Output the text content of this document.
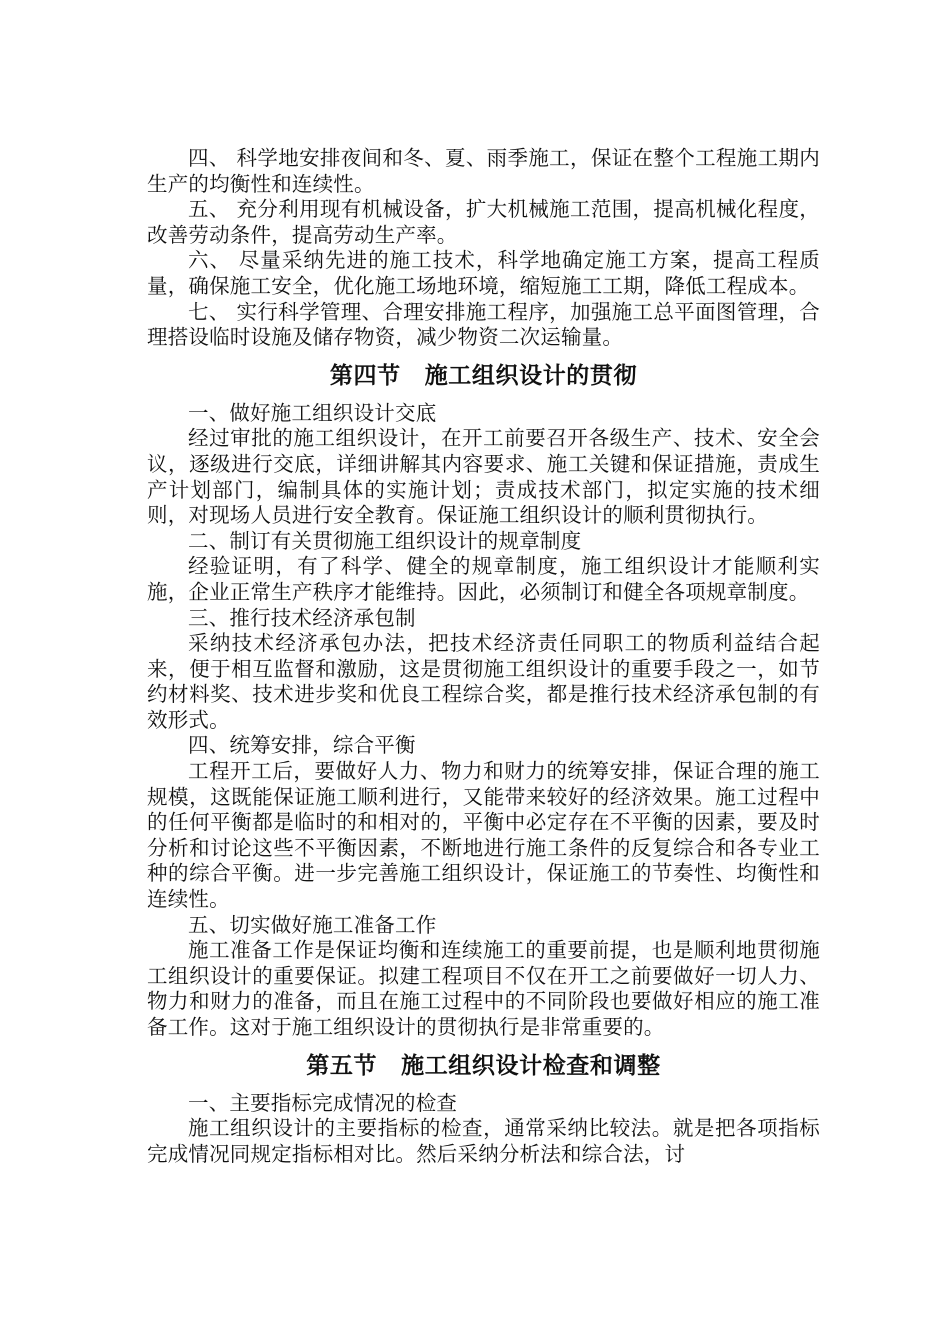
四、 科学地安排夜间和冬、夏、雨季施工，保证在整个工程施工期内生产的均衡性和连续性。

五、 充分利用现有机械设备，扩大机械施工范围，提高机械化程度，改善劳动条件，提高劳动生产率。

六、 尽量采纳先进的施工技术，科学地确定施工方案，提高工程质量，确保施工安全，优化施工场地环境，缩短施工工期，降低工程成本。

七、 实行科学管理、合理安排施工程序，加强施工总平面图管理，合理搭设临时设施及储存物资，减少物资二次运输量。

第四节 施工组织设计的贯彻

一、做好施工组织设计交底

经过审批的施工组织设计，在开工前要召开各级生产、技术、安全会议，逐级进行交底，详细讲解其内容要求、施工关键和保证措施，责成生产计划部门，编制具体的实施计划；责成技术部门，拟定实施的技术细则，对现场人员进行安全教育。保证施工组织设计的顺利贯彻执行。

二、制订有关贯彻施工组织设计的规章制度

经验证明，有了科学、健全的规章制度，施工组织设计才能顺利实施，企业正常生产秩序才能维持。因此，必须制订和健全各项规章制度。

三、推行技术经济承包制

采纳技术经济承包办法，把技术经济责任同职工的物质利益结合起来，便于相互监督和激励，这是贯彻施工组织设计的重要手段之一，如节约材料奖、技术进步奖和优良工程综合奖，都是推行技术经济承包制的有效形式。

四、统筹安排，综合平衡

工程开工后，要做好人力、物力和财力的统筹安排，保证合理的施工规模，这既能保证施工顺利进行，又能带来较好的经济效果。施工过程中的任何平衡都是临时的和相对的，平衡中必定存在不平衡的因素，要及时分析和讨论这些不平衡因素，不断地进行施工条件的反复综合和各专业工种的综合平衡。进一步完善施工组织设计，保证施工的节奏性、均衡性和连续性。

五、切实做好施工准备工作

施工准备工作是保证均衡和连续施工的重要前提，也是顺利地贯彻施工组织设计的重要保证。拟建工程项目不仅在开工之前要做好一切人力、物力和财力的准备，而且在施工过程中的不同阶段也要做好相应的施工准备工作。这对于施工组织设计的贯彻执行是非常重要的。

第五节 施工组织设计检查和调整

一、主要指标完成情况的检查

施工组织设计的主要指标的检查，通常采纳比较法。就是把各项指标完成情况同规定指标相对比。然后采纳分析法和综合法，讨
